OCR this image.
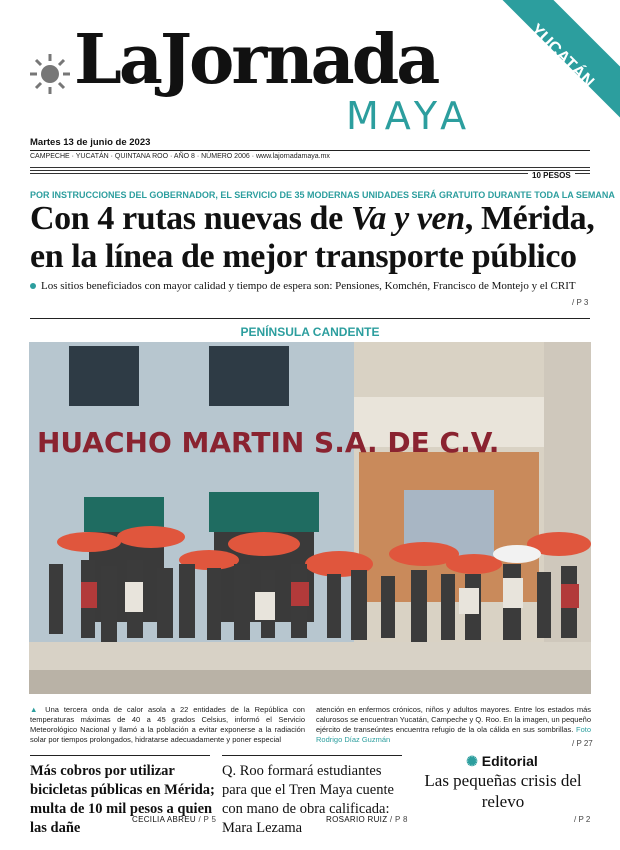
LaJornada
MAYA
YUCATÁN
Martes 13 de junio de 2023
CAMPECHE · YUCATÁN · QUINTANA ROO · AÑO 8 · NÚMERO 2006 · www.lajornadamaya.mx
10 PESOS
POR INSTRUCCIONES DEL GOBERNADOR, EL SERVICIO DE 35 MODERNAS UNIDADES SERÁ GRATUITO DURANTE TODA LA SEMANA
Con 4 rutas nuevas de Va y ven, Mérida,
en la línea de mejor transporte público
Los sitios beneficiados con mayor calidad y tiempo de espera son: Pensiones, Komchén, Francisco de Montejo y el CRIT
/ P 3
PENÍNSULA CANDENTE
HUACHO MARTIN S.A. DE C.V.
▲ Una tercera onda de calor asola a 22 entidades de la República con temperaturas máximas de 40 a 45 grados Celsius, informó el Servicio Meteorológico Nacional y llamó a la población a evitar exponerse a la radiación solar por tiempos prolongados, hidratarse adecuadamente y poner especial
atención en enfermos crónicos, niños y adultos mayores. Entre los estados más calurosos se encuentran Yucatán, Campeche y Q. Roo. En la imagen, un pequeño ejército de transeúntes encuentra refugio de la ola cálida en sus sombrillas. Foto Rodrigo Díaz Guzmán	/ P 27
Más cobros por utilizar bicicletas públicas en Mérida; multa de 10 mil pesos a quien las dañe
CECILIA ABREU / P 5
Q. Roo formará estudiantes para que el Tren Maya cuente con mano de obra calificada: Mara Lezama
ROSARIO RUIZ / P 8
✺ Editorial
Las pequeñas crisis del relevo
/ P 2
